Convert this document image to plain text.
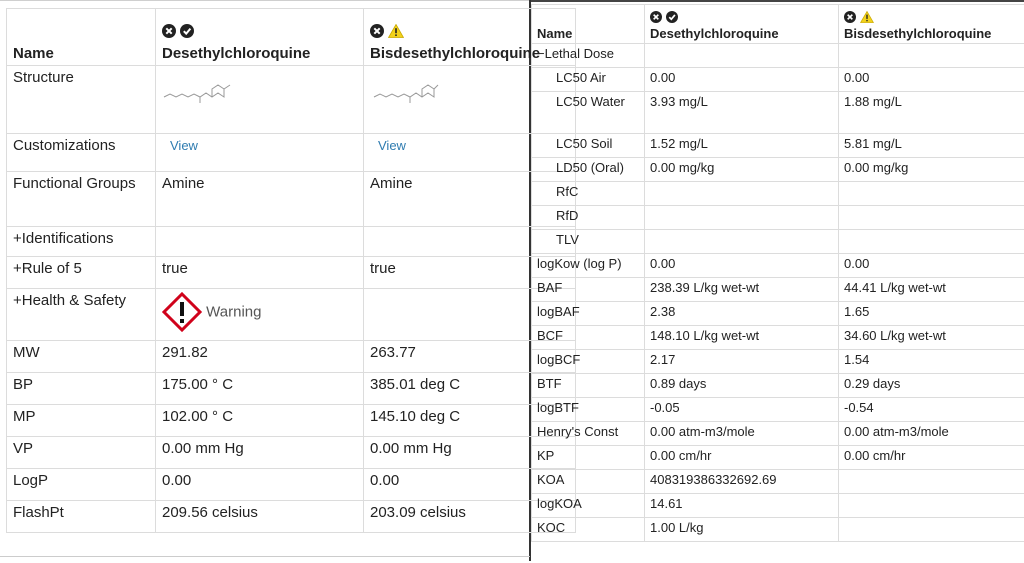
Name	Desethylchloroquine	Bisdesethylchloroquine
Structure		
Customizations	View	View
Functional Groups	Amine	Amine
+Identifications		
+Rule of 5	true	true
+Health & Safety	Warning	
MW	291.82	263.77
BP	175.00 ° C	385.01 deg C
MP	102.00 ° C	145.10 deg C
VP	0.00 mm Hg	0.00 mm Hg
LogP	0.00	0.00
FlashPt	209.56 celsius	203.09 celsius
Name	Desethylchloroquine	Bisdesethylchloroquine
−Lethal Dose		
LC50 Air	0.00	0.00
LC50 Water	3.93 mg/L	1.88 mg/L
LC50 Soil	1.52 mg/L	5.81 mg/L
LD50 (Oral)	0.00 mg/kg	0.00 mg/kg
RfC		
RfD		
TLV		
logKow (log P)	0.00	0.00
BAF	238.39 L/kg wet-wt	44.41 L/kg wet-wt
logBAF	2.38	1.65
BCF	148.10 L/kg wet-wt	34.60 L/kg wet-wt
logBCF	2.17	1.54
BTF	0.89 days	0.29 days
logBTF	-0.05	-0.54
Henry's Const	0.00 atm-m3/mole	0.00 atm-m3/mole
KP	0.00 cm/hr	0.00 cm/hr
KOA	408319386332692.69	
logKOA	14.61	
KOC	1.00 L/kg	
